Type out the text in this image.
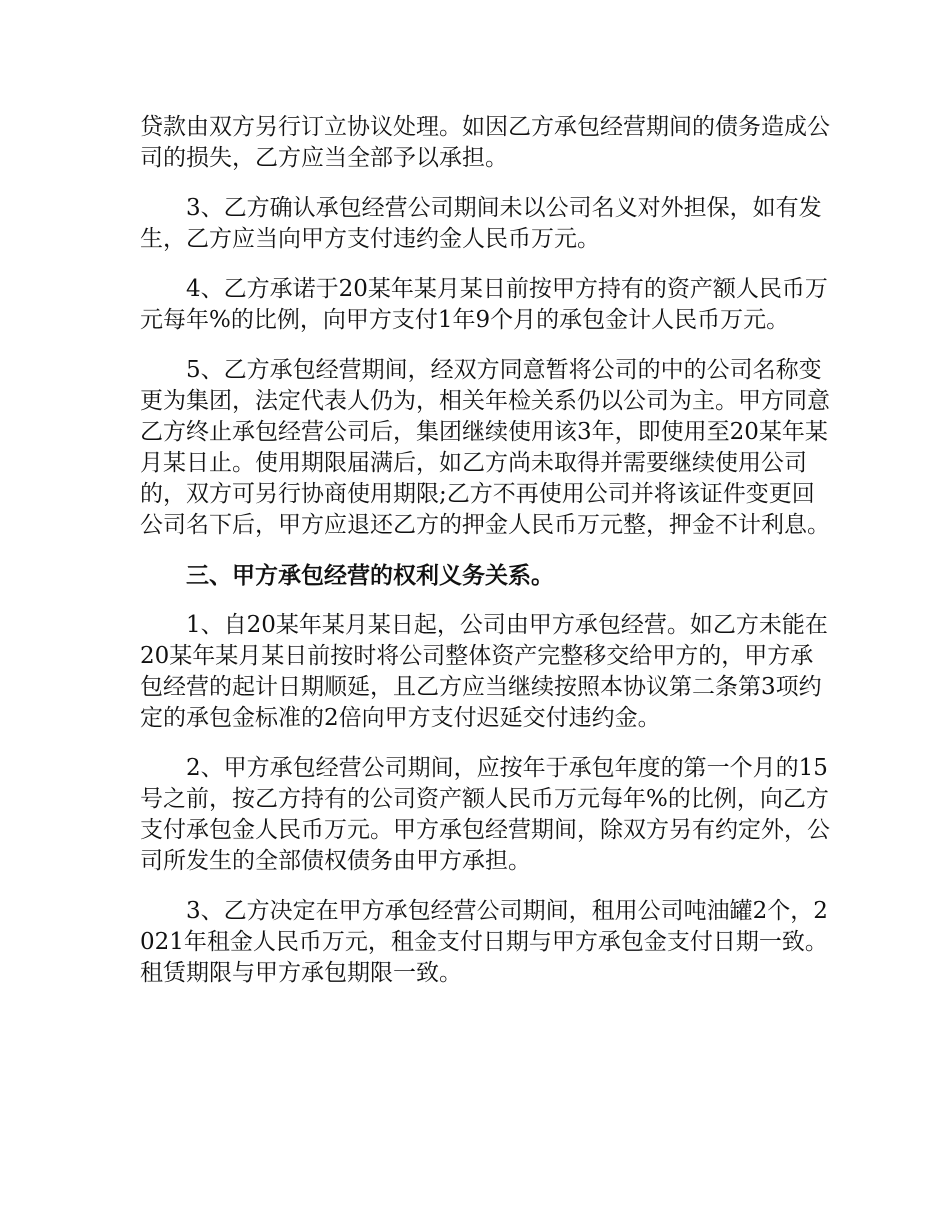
贷款由双方另行订立协议处理。如因乙方承包经营期间的债务造成公司的损失，乙方应当全部予以承担。

3、乙方确认承包经营公司期间未以公司名义对外担保，如有发生，乙方应当向甲方支付违约金人民币万元。

4、乙方承诺于20某年某月某日前按甲方持有的资产额人民币万元每年%的比例，向甲方支付1年9个月的承包金计人民币万元。

5、乙方承包经营期间，经双方同意暂将公司的中的公司名称变更为集团，法定代表人仍为，相关年检关系仍以公司为主。甲方同意乙方终止承包经营公司后，集团继续使用该3年，即使用至20某年某月某日止。使用期限届满后，如乙方尚未取得并需要继续使用公司的，双方可另行协商使用期限;乙方不再使用公司并将该证件变更回公司名下后，甲方应退还乙方的押金人民币万元整，押金不计利息。

三、甲方承包经营的权利义务关系。

1、自20某年某月某日起，公司由甲方承包经营。如乙方未能在20某年某月某日前按时将公司整体资产完整移交给甲方的，甲方承包经营的起计日期顺延，且乙方应当继续按照本协议第二条第3项约定的承包金标准的2倍向甲方支付迟延交付违约金。

2、甲方承包经营公司期间，应按年于承包年度的第一个月的15号之前，按乙方持有的公司资产额人民币万元每年%的比例，向乙方支付承包金人民币万元。甲方承包经营期间，除双方另有约定外，公司所发生的全部债权债务由甲方承担。

3、乙方决定在甲方承包经营公司期间，租用公司吨油罐2个，2021年租金人民币万元，租金支付日期与甲方承包金支付日期一致。租赁期限与甲方承包期限一致。
